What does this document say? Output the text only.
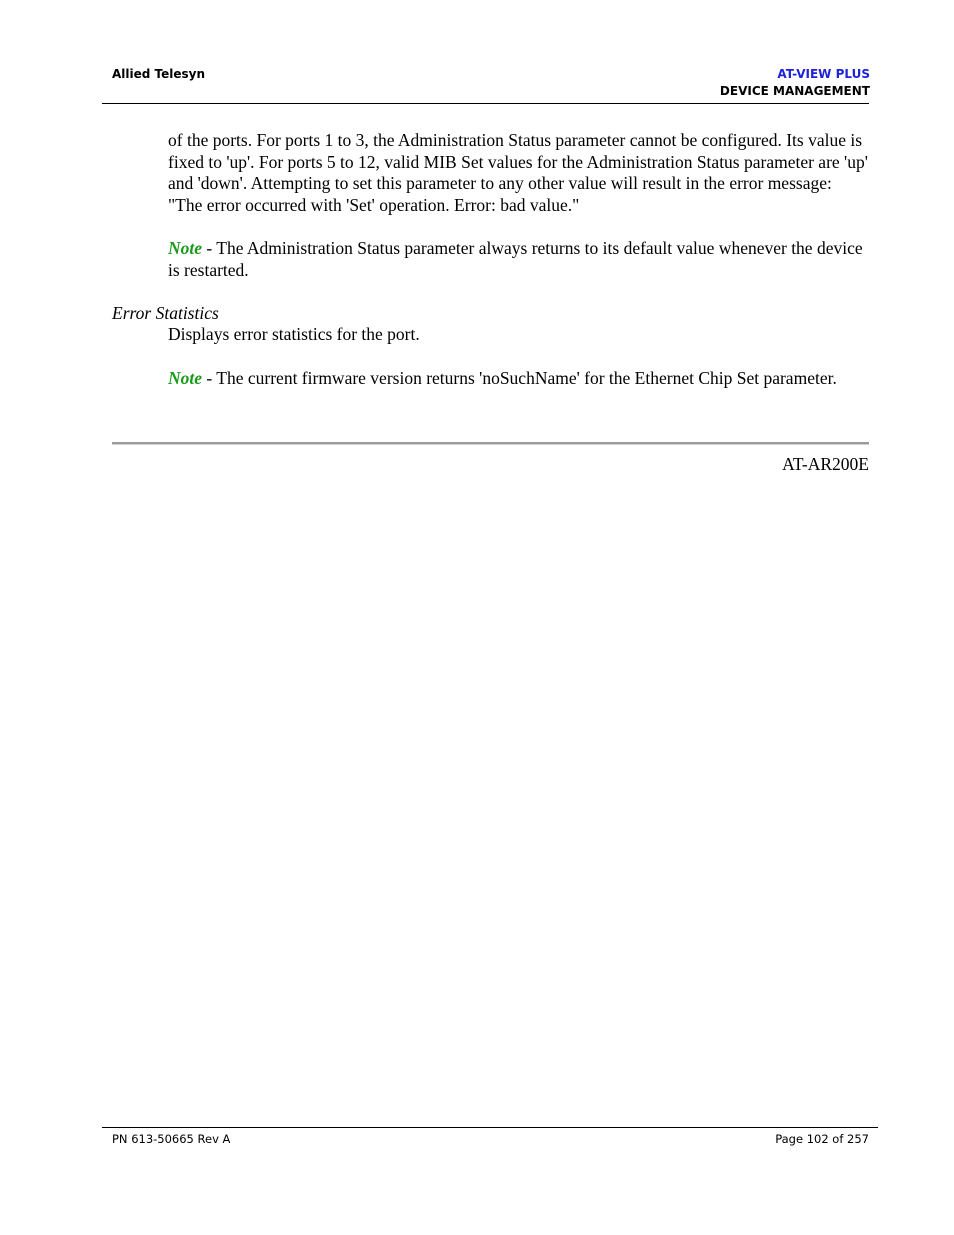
Allied Telesyn	AT-VIEW PLUS
DEVICE MANAGEMENT

of the ports. For ports 1 to 3, the Administration Status parameter cannot be configured. Its value is fixed to 'up'. For ports 5 to 12, valid MIB Set values for the Administration Status parameter are 'up' and 'down'. Attempting to set this parameter to any other value will result in the error message: "The error occurred with 'Set' operation. Error: bad value."

Note - The Administration Status parameter always returns to its default value whenever the device is restarted.

Error Statistics

Displays error statistics for the port.

Note - The current firmware version returns 'noSuchName' for the Ethernet Chip Set parameter.

AT-AR200E
PN 613-50665 Rev A	Page 102 of 257
